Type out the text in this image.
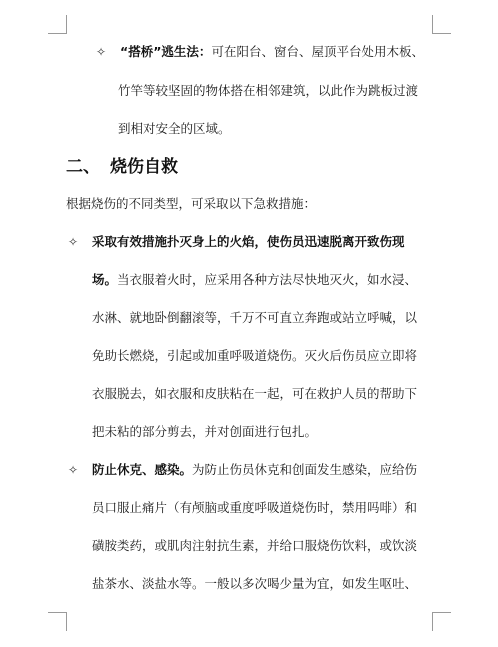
✧ “搭桥”逃生法：可在阳台、窗台、屋顶平台处用木板、
竹竿等较坚固的物体搭在相邻建筑，以此作为跳板过渡
到相对安全的区域。
二、 烧伤自救
根据烧伤的不同类型，可采取以下急救措施：
✧ 采取有效措施扑灭身上的火焰，使伤员迅速脱离开致伤现
场。当衣服着火时，应采用各种方法尽快地灭火，如水浸、
水淋、就地卧倒翻滚等，千万不可直立奔跑或站立呼喊，以
免助长燃烧，引起或加重呼吸道烧伤。灭火后伤员应立即将
衣服脱去，如衣服和皮肤粘在一起，可在救护人员的帮助下
把未粘的部分剪去，并对创面进行包扎。
✧ 防止休克、感染。为防止伤员休克和创面发生感染，应给伤
员口服止痛片（有颅脑或重度呼吸道烧伤时，禁用吗啡）和
磺胺类药，或肌肉注射抗生素，并给口服烧伤饮料，或饮淡
盐茶水、淡盐水等。一般以多次喝少量为宜，如发生呕吐、
